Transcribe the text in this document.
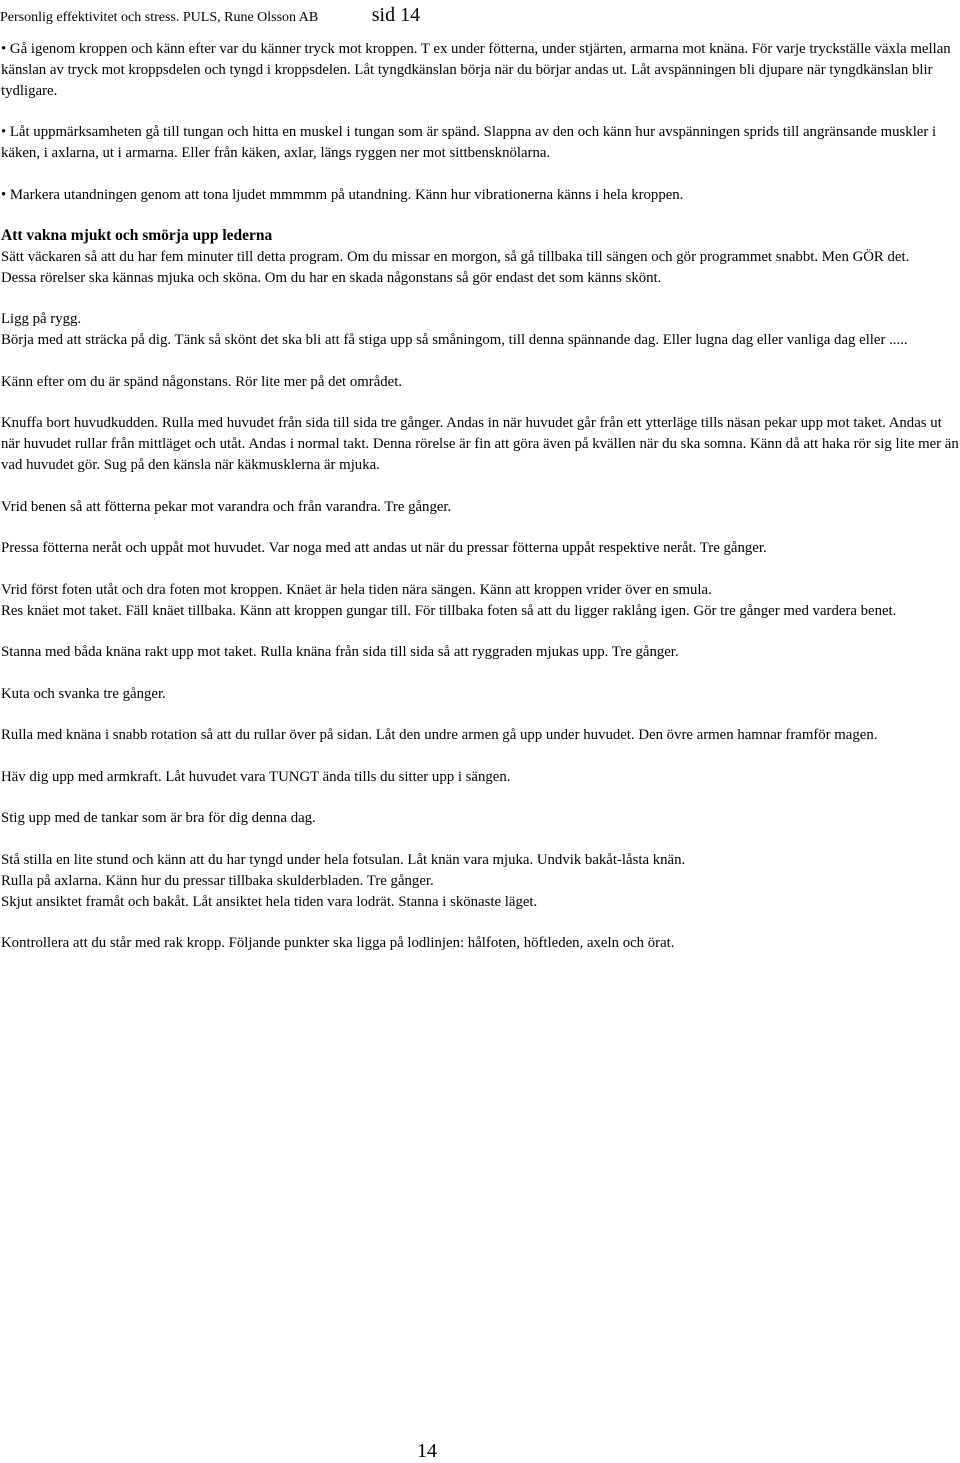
Personlig effektivitet och stress. PULS, Rune Olsson AB	sid 14

• Gå igenom kroppen och känn efter var du känner tryck mot kroppen. T ex under fötterna, under stjärten, armarna mot knäna. För varje tryckställe växla mellan känslan av tryck mot kroppsdelen och tyngd i kroppsdelen. Låt tyngdkänslan börja när du börjar andas ut. Låt avspänningen bli djupare när tyngdkänslan blir tydligare.

• Låt uppmärksamheten gå till tungan och hitta en muskel i tungan som är spänd. Slappna av den och känn hur avspänningen sprids till angränsande muskler i käken, i axlarna, ut i armarna. Eller från käken, axlar, längs ryggen ner mot sittbensknölarna.

• Markera utandningen genom att tona ljudet mmmmm på utandning. Känn hur vibrationerna känns i hela kroppen.

Att vakna mjukt och smörja upp lederna

Sätt väckaren så att du har fem minuter till detta program. Om du missar en morgon, så gå tillbaka till sängen och gör programmet snabbt. Men GÖR det.

Dessa rörelser ska kännas mjuka och sköna. Om du har en skada någonstans så gör endast det som känns skönt.

Ligg på rygg.

Börja med att sträcka på dig. Tänk så skönt det ska bli att få stiga upp så småningom, till denna spännande dag. Eller lugna dag eller vanliga dag eller .....

Känn efter om du är spänd någonstans. Rör lite mer på det området.

Knuffa bort huvudkudden. Rulla med huvudet från sida till sida tre gånger. Andas in när huvudet går från ett ytterläge tills näsan pekar upp mot taket. Andas ut när huvudet rullar från mittläget och utåt. Andas i normal takt. Denna rörelse är fin att göra även på kvällen när du ska somna. Känn då att haka rör sig lite mer än vad huvudet gör. Sug på den känsla när käkmusklerna är mjuka.

Vrid benen så att fötterna pekar mot varandra och från varandra. Tre gånger.

Pressa fötterna neråt och uppåt mot huvudet. Var noga med att andas ut när du pressar fötterna uppåt respektive neråt. Tre gånger.

Vrid först foten utåt och dra foten mot kroppen. Knäet är hela tiden nära sängen. Känn att kroppen vrider över en smula.

Res knäet mot taket. Fäll knäet tillbaka. Känn att kroppen gungar till. För tillbaka foten så att du ligger raklång igen. Gör tre gånger med vardera benet.

Stanna med båda knäna rakt upp mot taket. Rulla knäna från sida till sida så att ryggraden mjukas upp. Tre gånger.

Kuta och svanka tre gånger.

Rulla med knäna i snabb rotation så att du rullar över på sidan. Låt den undre armen gå upp under huvudet. Den övre armen hamnar framför magen.

Häv dig upp med armkraft. Låt huvudet vara TUNGT ända tills du sitter upp i sängen.

Stig upp med de tankar som är bra för dig denna dag.

Stå stilla en lite stund och känn att du har tyngd under hela fotsulan. Låt knän vara mjuka. Undvik bakåt-låsta knän.

Rulla på axlarna. Känn hur du pressar tillbaka skulderbladen. Tre gånger.

Skjut ansiktet framåt och bakåt. Låt ansiktet hela tiden vara lodrät. Stanna i skönaste läget.

Kontrollera att du står med rak kropp. Följande punkter ska ligga på lodlinjen: hålfoten, höftleden, axeln och örat.

14
